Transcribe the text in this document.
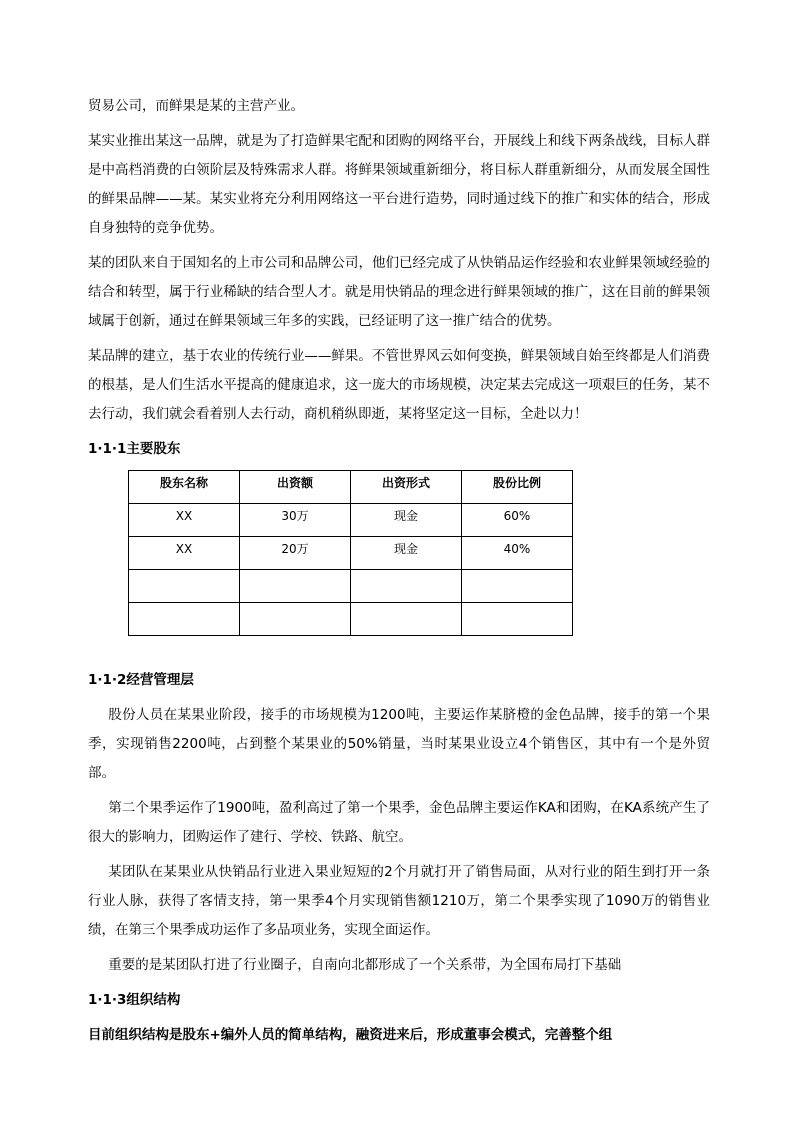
贸易公司，而鲜果是某的主营产业。

某实业推出某这一品牌，就是为了打造鲜果宅配和团购的网络平台，开展线上和线下两条战线，目标人群是中高档消费的白领阶层及特殊需求人群。将鲜果领域重新细分，将目标人群重新细分，从而发展全国性的鲜果品牌——某。某实业将充分利用网络这一平台进行造势，同时通过线下的推广和实体的结合，形成自身独特的竞争优势。

某的团队来自于国知名的上市公司和品牌公司，他们已经完成了从快销品运作经验和农业鲜果领域经验的结合和转型，属于行业稀缺的结合型人才。就是用快销品的理念进行鲜果领域的推广，这在目前的鲜果领域属于创新，通过在鲜果领域三年多的实践，已经证明了这一推广结合的优势。

某品牌的建立，基于农业的传统行业——鲜果。不管世界风云如何变换，鲜果领域自始至终都是人们消费的根基，是人们生活水平提高的健康追求，这一庞大的市场规模，决定某去完成这一项艰巨的任务，某不去行动，我们就会看着别人去行动，商机稍纵即逝，某将坚定这一目标，全赴以力！

1·1·1主要股东
股东名称	出资额	出资形式	股份比例
XX	30万	现金	60%
XX	20万	现金	40%

1·1·2经营管理层

股份人员在某果业阶段，接手的市场规模为1200吨，主要运作某脐橙的金色品牌，接手的第一个果季，实现销售2200吨，占到整个某果业的50%销量，当时某果业设立4个销售区，其中有一个是外贸部。

第二个果季运作了1900吨，盈利高过了第一个果季，金色品牌主要运作KA和团购，在KA系统产生了很大的影响力，团购运作了建行、学校、铁路、航空。

某团队在某果业从快销品行业进入果业短短的2个月就打开了销售局面，从对行业的陌生到打开一条行业人脉，获得了客情支持，第一果季4个月实现销售额1210万，第二个果季实现了1090万的销售业绩，在第三个果季成功运作了多品项业务，实现全面运作。

重要的是某团队打进了行业圈子，自南向北都形成了一个关系带，为全国布局打下基础

1·1·3组织结构

目前组织结构是股东+编外人员的简单结构，融资进来后，形成董事会模式，完善整个组
